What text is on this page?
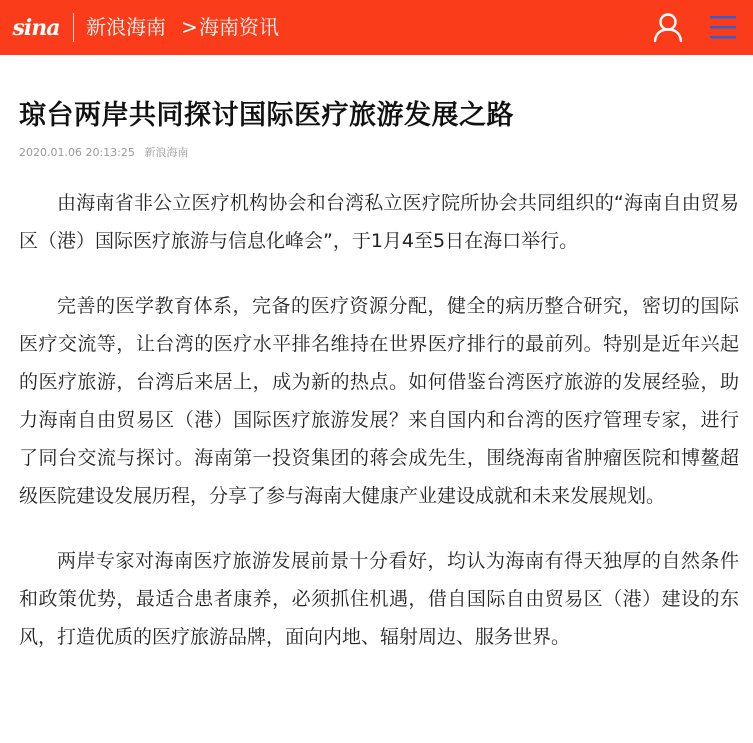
sina 新浪海南 > 海南资讯
琼台两岸共同探讨国际医疗旅游发展之路
2020.01.06 20:13:25 新浪海南

由海南省非公立医疗机构协会和台湾私立医疗院所协会共同组织的“海南自由贸易区（港）国际医疗旅游与信息化峰会”，于1月4至5日在海口举行。

完善的医学教育体系，完备的医疗资源分配，健全的病历整合研究，密切的国际医疗交流等，让台湾的医疗水平排名维持在世界医疗排行的最前列。特别是近年兴起的医疗旅游，台湾后来居上，成为新的热点。如何借鉴台湾医疗旅游的发展经验，助力海南自由贸易区（港）国际医疗旅游发展？来自国内和台湾的医疗管理专家，进行了同台交流与探讨。海南第一投资集团的蒋会成先生，围绕海南省肿瘤医院和博鳌超级医院建设发展历程，分享了参与海南大健康产业建设成就和未来发展规划。

两岸专家对海南医疗旅游发展前景十分看好，均认为海南有得天独厚的自然条件和政策优势，最适合患者康养，必须抓住机遇，借自国际自由贸易区（港）建设的东风，打造优质的医疗旅游品牌，面向内地、辐射周边、服务世界。
